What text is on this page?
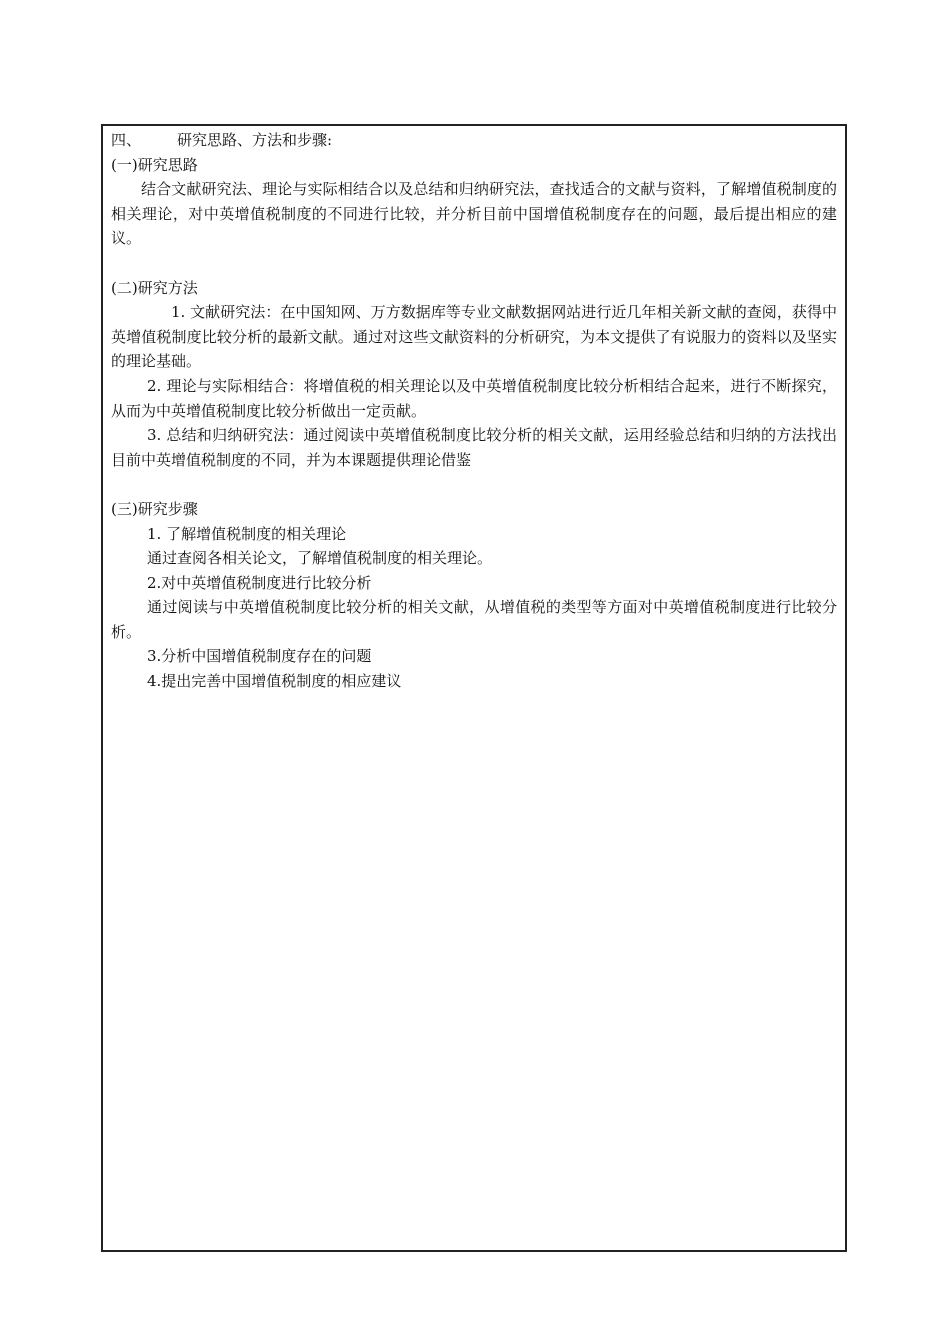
四、 研究思路、方法和步骤:

(一)研究思路

结合文献研究法、理论与实际相结合以及总结和归纳研究法，查找适合的文献与资料，了解增值税制度的相关理论，对中英增值税制度的不同进行比较，并分析目前中国增值税制度存在的问题，最后提出相应的建议。

(二)研究方法

1. 文献研究法：在中国知网、万方数据库等专业文献数据网站进行近几年相关新文献的查阅，获得中英增值税制度比较分析的最新文献。通过对这些文献资料的分析研究，为本文提供了有说服力的资料以及坚实的理论基础。

2. 理论与实际相结合：将增值税的相关理论以及中英增值税制度比较分析相结合起来，进行不断探究，从而为中英增值税制度比较分析做出一定贡献。

3. 总结和归纳研究法：通过阅读中英增值税制度比较分析的相关文献，运用经验总结和归纳的方法找出目前中英增值税制度的不同，并为本课题提供理论借鉴

(三)研究步骤

1. 了解增值税制度的相关理论

通过查阅各相关论文，了解增值税制度的相关理论。

2.对中英增值税制度进行比较分析

通过阅读与中英增值税制度比较分析的相关文献，从增值税的类型等方面对中英增值税制度进行比较分析。

3.分析中国增值税制度存在的问题

4.提出完善中国增值税制度的相应建议
